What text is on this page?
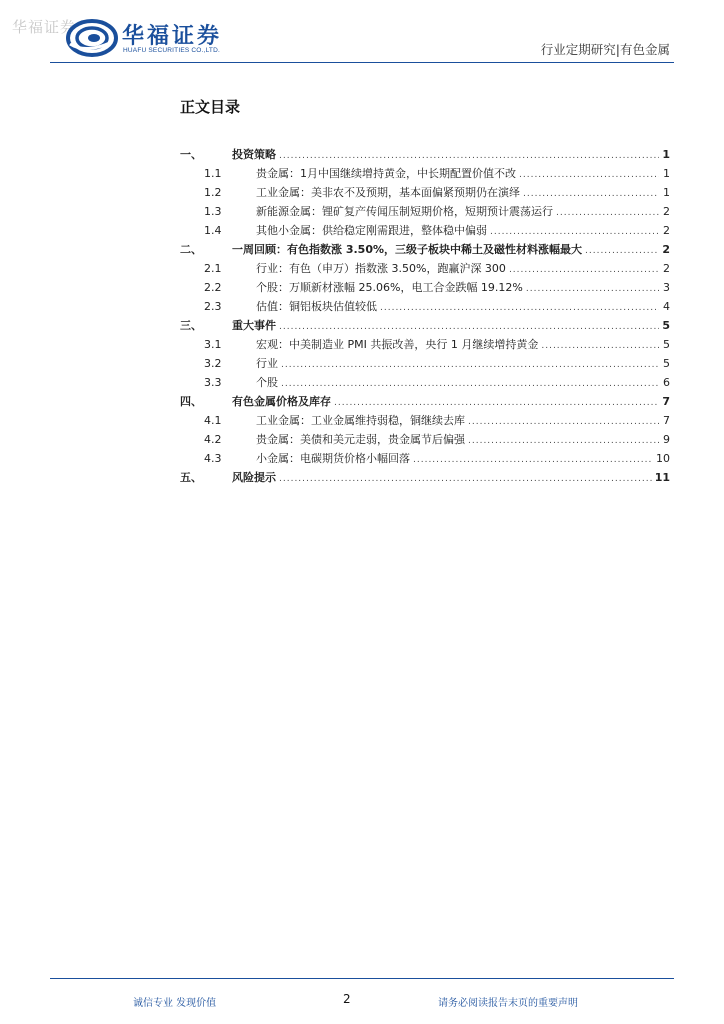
华福证券 华福证券
HUAFU SECURITIES CO.,LTD.	行业定期研究|有色金属
正文目录
一、	投资策略 .....	1
1.1	贵金属：1月中国继续增持黄金，中长期配置价值不改 .....	1
1.2	工业金属：美非农不及预期，基本面偏紧预期仍在演绎 .....	1
1.3	新能源金属：锂矿复产传闻压制短期价格，短期预计震荡运行 .....	2
1.4	其他小金属：供给稳定刚需跟进，整体稳中偏弱 .....	2
二、	一周回顾：有色指数涨 3.50%，三级子板块中稀土及磁性材料涨幅最大 .....	2
2.1	行业：有色（申万）指数涨 3.50%，跑赢沪深 300 .....	2
2.2	个股：万顺新材涨幅 25.06%，电工合金跌幅 19.12% .....	3
2.3	估值：铜铝板块估值较低 .....	4
三、	重大事件 .....	5
3.1	宏观：中美制造业 PMI 共振改善，央行 1 月继续增持黄金 .....	5
3.2	行业 .....	5
3.3	个股 .....	6
四、	有色金属价格及库存 .....	7
4.1	工业金属：工业金属维持弱稳，铜继续去库 .....	7
4.2	贵金属：美债和美元走弱，贵金属节后偏强 .....	9
4.3	小金属：电碳期货价格小幅回落 .....	10
五、	风险提示 .....	11
诚信专业 发现价值	2	请务必阅读报告末页的重要声明
